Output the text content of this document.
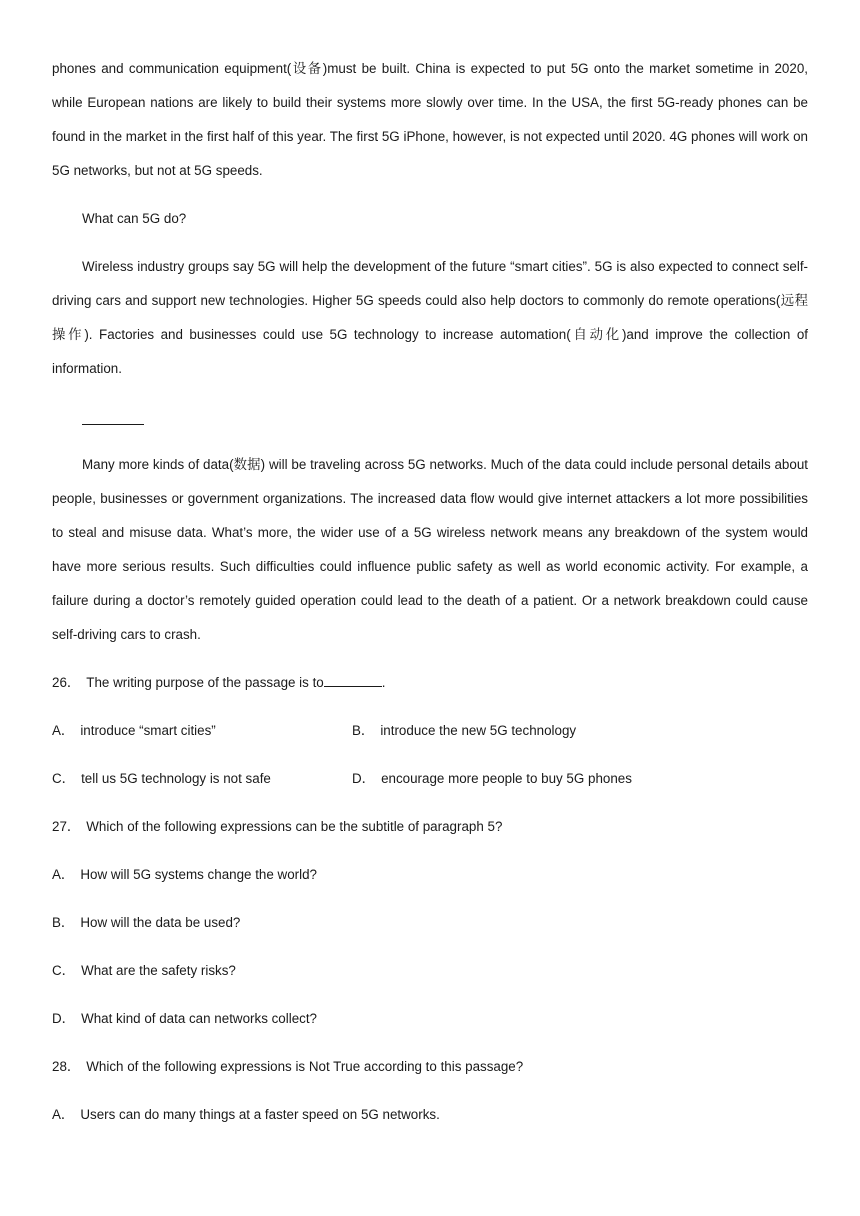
phones and communication equipment(设备)must be built. China is expected to put 5G onto the market sometime in 2020, while European nations are likely to build their systems more slowly over time. In the USA, the first 5G-ready phones can be found in the market in the first half of this year. The first 5G iPhone, however, is not expected until 2020. 4G phones will work on 5G networks, but not at 5G speeds.

What can 5G do?

Wireless industry groups say 5G will help the development of the future “smart cities”. 5G is also expected to connect self-driving cars and support new technologies. Higher 5G speeds could also help doctors to commonly do remote operations(远程操作). Factories and businesses could use 5G technology to increase automation(自动化)and improve the collection of information.

Many more kinds of data(数据) will be traveling across 5G networks. Much of the data could include personal details about people, businesses or government organizations. The increased data flow would give internet attackers a lot more possibilities to steal and misuse data. What’s more, the wider use of a 5G wireless network means any breakdown of the system would have more serious results. Such difficulties could influence public safety as well as world economic activity. For example, a failure during a doctor’s remotely guided operation could lead to the death of a patient. Or a network breakdown could cause self-driving cars to crash.

26． The writing purpose of the passage is to	.
A． introduce “smart cities”	B． introduce the new 5G technology
C． tell us 5G technology is not safe	D． encourage more people to buy 5G phones
27． Which of the following expressions can be the subtitle of paragraph 5?
A． How will 5G systems change the world?
B． How will the data be used?
C． What are the safety risks?
D． What kind of data can networks collect?
28． Which of the following expressions is Not True according to this passage?
A． Users can do many things at a faster speed on 5G networks.
